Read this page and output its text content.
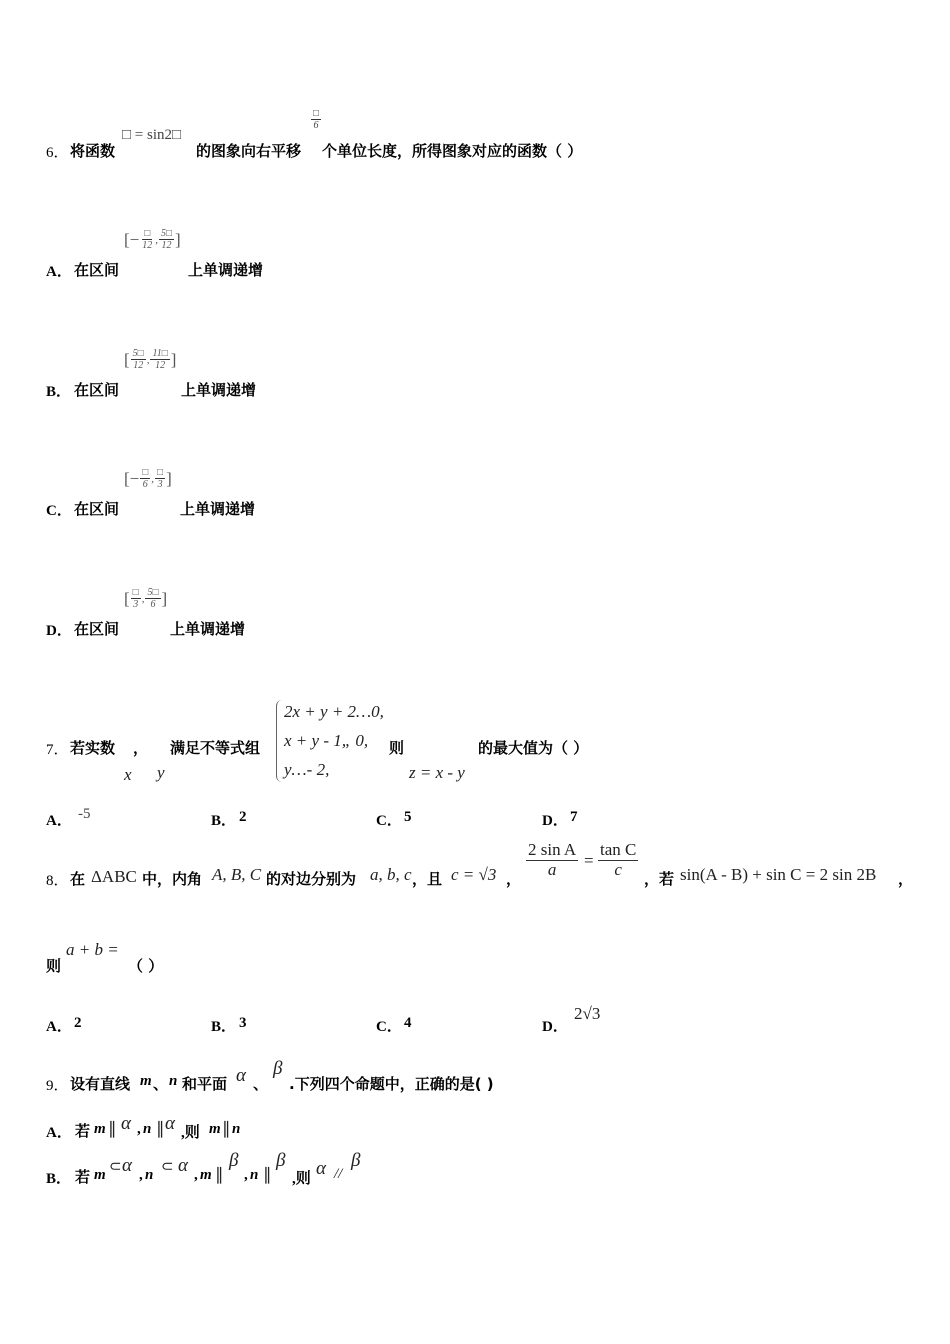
6． 将函数
□ = sin2□
的图象向右平移
□
6
个单位长度，所得图象对应的函数（ ）
A． 在区间
[− $\frac{□}{12}$ , $\frac{5□}{12}$ ]
上单调递增
B． 在区间
[ $\frac{5□}{12}$ , $\frac{11□}{12}$ ]
上单调递增
C． 在区间
[− $\frac{□}{6}$ , $\frac{□}{3}$ ]
上单调递增
D． 在区间
[ $\frac{□}{3}$ , $\frac{5□}{6}$ ]
上单调递增
7． 若实数 ， 满足不等式组
x y
2x + y + 2…0,
x + y - 1„ 0,
y…- 2,
则
z = x - y
的最大值为（ ）
A． -5	B． 2	C． 5	D． 7
8． 在 ΔABC 中，内角 A, B, C 的对边分别为 a, b, c ，且 c = √3 ， $\frac{\text{2 sin A}}{a} = \frac{\text{tan C}}{c}$ ，若 sin(A - B) + sin C = 2 sin 2B ，
则
a + b =
（ ）
A． 2	B． 3	C． 4	D．
2√3
9． 设有直线 m 、 n 和平面 α 、
β
.下列四个命题中，正确的是( )
A． 若 m ∥ α , n ∥ α ,则 m ∥ n
B． 若 m ⊂ α , n ⊂ α , m ∥
β
, n ∥
β
,则 α //
β
